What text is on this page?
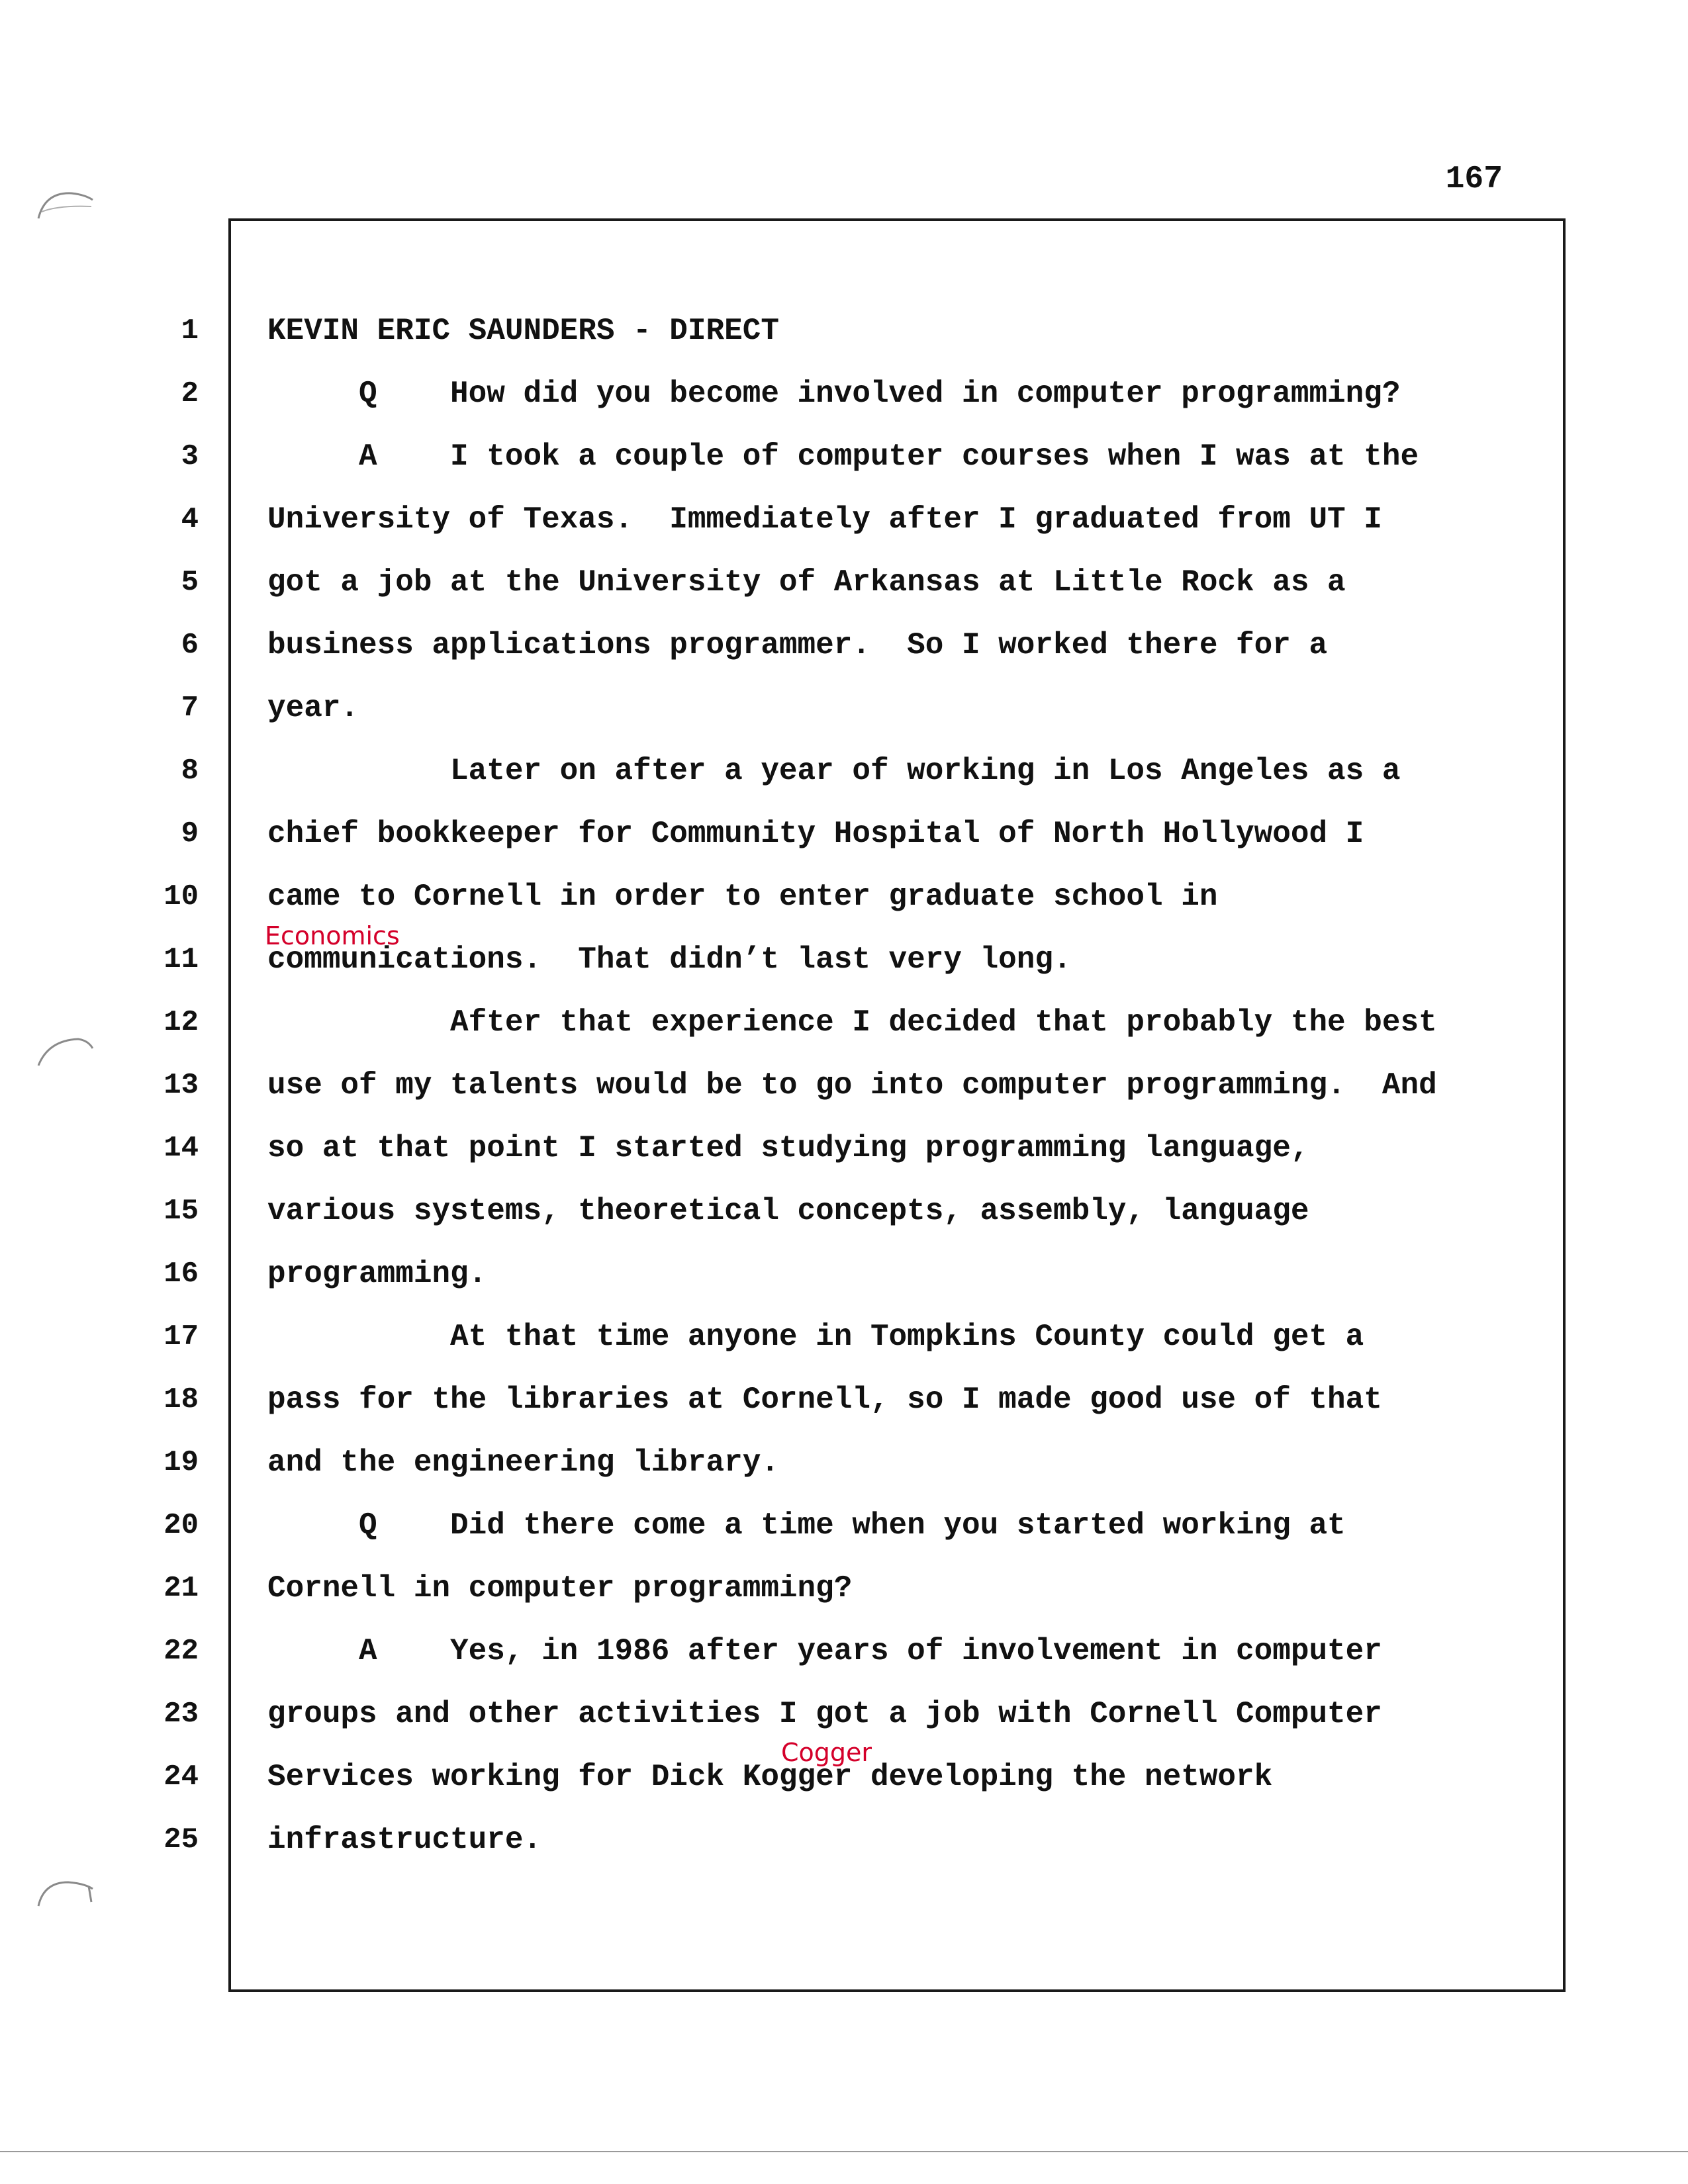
167
1
2
3
4
5
6
7
8
9
10
11
12
13
14
15
16
17
18
19
20
21
22
23
24
25
KEVIN ERIC SAUNDERS - DIRECT
Q    How did you become involved in computer programming?
A    I took a couple of computer courses when I was at the
University of Texas.  Immediately after I graduated from UT I
got a job at the University of Arkansas at Little Rock as a
business applications programmer.  So I worked there for a
year.
Later on after a year of working in Los Angeles as a
chief bookkeeper for Community Hospital of North Hollywood I
came to Cornell in order to enter graduate school in
communications.  That didn’t last very long.
After that experience I decided that probably the best
use of my talents would be to go into computer programming.  And
so at that point I started studying programming language,
various systems, theoretical concepts, assembly, language
programming.
At that time anyone in Tompkins County could get a
pass for the libraries at Cornell, so I made good use of that
and the engineering library.
Q    Did there come a time when you started working at
Cornell in computer programming?
A    Yes, in 1986 after years of involvement in computer
groups and other activities I got a job with Cornell Computer
Services working for Dick Kogger developing the network
infrastructure.
Economics
Cogger
